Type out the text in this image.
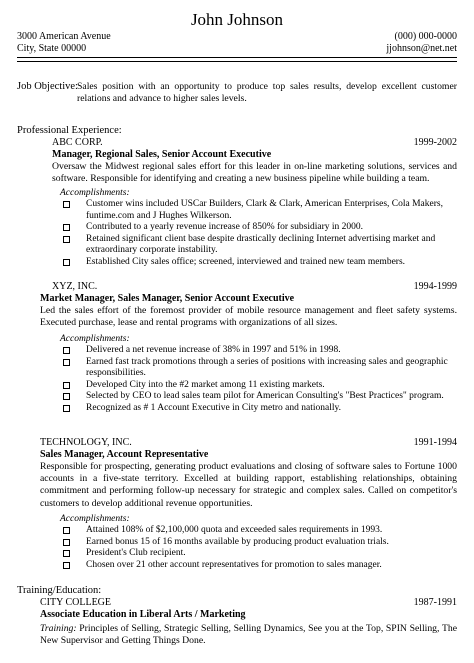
John Johnson
3000 American Avenue
City, State 00000
(000) 000-0000
jjohnson@net.net
Job Objective: Sales position with an opportunity to produce top sales results, develop excellent customer relations and advance to higher sales levels.
Professional Experience:
ABC CORP.	1999-2002
Manager, Regional Sales, Senior Account Executive
Oversaw the Midwest regional sales effort for this leader in on-line marketing solutions, services and software. Responsible for identifying and creating a new business pipeline while building a team.
Accomplishments:
Customer wins included USCar Builders, Clark & Clark, American Enterprises, Cola Makers, funtime.com and J Hughes Wilkerson.
Contributed to a yearly revenue increase of 850% for subsidiary in 2000.
Retained significant client base despite drastically declining Internet advertising market and extraordinary corporate instability.
Established City sales office; screened, interviewed and trained new team members.
XYZ, INC.	1994-1999
Market Manager, Sales Manager, Senior Account Executive
Led the sales effort of the foremost provider of mobile resource management and fleet safety systems. Executed purchase, lease and rental programs with organizations of all sizes.
Accomplishments:
Delivered a net revenue increase of 38% in 1997 and 51% in 1998.
Earned fast track promotions through a series of positions with increasing sales and geographic responsibilities.
Developed City into the #2 market among 11 existing markets.
Selected by CEO to lead sales team pilot for American Consulting's "Best Practices" program.
Recognized as # 1 Account Executive in City metro and nationally.
TECHNOLOGY, INC.	1991-1994
Sales Manager, Account Representative
Responsible for prospecting, generating product evaluations and closing of software sales to Fortune 1000 accounts in a five-state territory. Excelled at building rapport, establishing relationships, obtaining commitment and performing follow-up necessary for strategic and complex sales. Called on competitor's customers to develop additional revenue opportunities.
Accomplishments:
Attained 108% of $2,100,000 quota and exceeded sales requirements in 1993.
Earned bonus 15 of 16 months available by producing product evaluation trials.
President's Club recipient.
Chosen over 21 other account representatives for promotion to sales manager.
Training/Education:
CITY COLLEGE	1987-1991
Associate Education in Liberal Arts / Marketing
Training: Principles of Selling, Strategic Selling, Selling Dynamics, See you at the Top, SPIN Selling, The New Supervisor and Getting Things Done.
